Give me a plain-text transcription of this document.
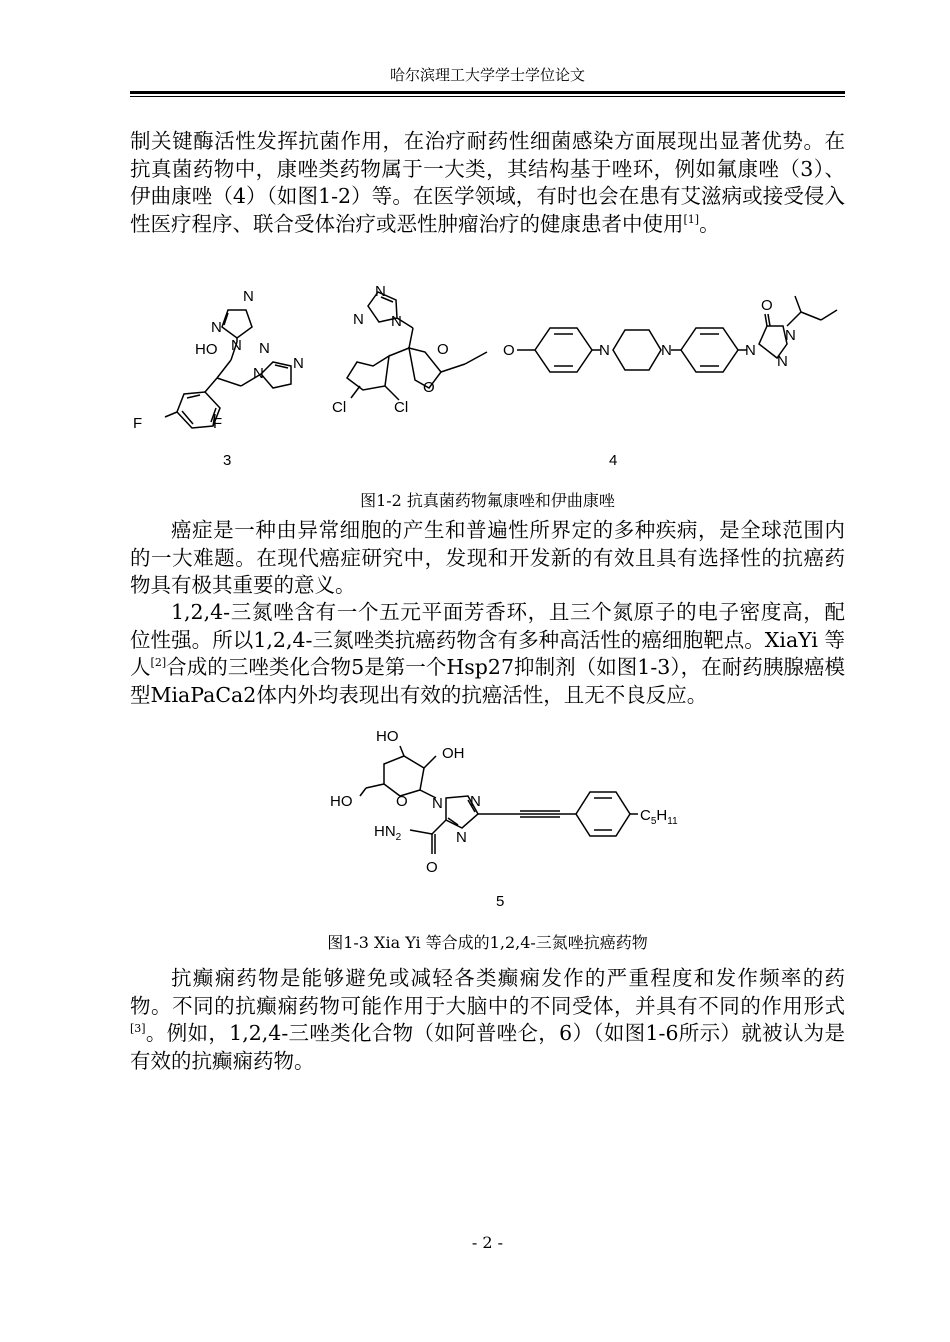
哈尔滨理工大学学士学位论文

制关键酶活性发挥抗菌作用，在治疗耐药性细菌感染方面展现出显著优势。在抗真菌药物中，康唑类药物属于一大类，其结构基于唑环，例如氟康唑（3）、伊曲康唑（4）（如图1-2）等。在医学领域，有时也会在患有艾滋病或接受侵入性医疗程序、联合受体治疗或恶性肿瘤治疗的健康患者中使用[1]。

N
N
N
HO	N
N
N
F	F
3
N
N N
O
O
O	N	N	N
O
N
N
Cl	Cl
4
图1-2 抗真菌药物氟康唑和伊曲康唑

癌症是一种由异常细胞的产生和普遍性所界定的多种疾病，是全球范围内的一大难题。在现代癌症研究中，发现和开发新的有效且具有选择性的抗癌药物具有极其重要的意义。

1,2,4-三氮唑含有一个五元平面芳香环，且三个氮原子的电子密度高，配位性强。所以1,2,4-三氮唑类抗癌药物含有多种高活性的癌细胞靶点。XiaYi 等人[2]合成的三唑类化合物5是第一个Hsp27抑制剂（如图1-3），在耐药胰腺癌模型MiaPaCa2体内外均表现出有效的抗癌活性，且无不良反应。

HO
OH
HO	O N N
N
$HN_2$
O
$C_5H_{11}$
5
图1-3 Xia Yi 等合成的1,2,4-三氮唑抗癌药物

抗癫痫药物是能够避免或减轻各类癫痫发作的严重程度和发作频率的药物。不同的抗癫痫药物可能作用于大脑中的不同受体，并具有不同的作用形式[3]。例如，1,2,4-三唑类化合物（如阿普唑仑，6）（如图1-6所示）就被认为是有效的抗癫痫药物。

- 2 -
